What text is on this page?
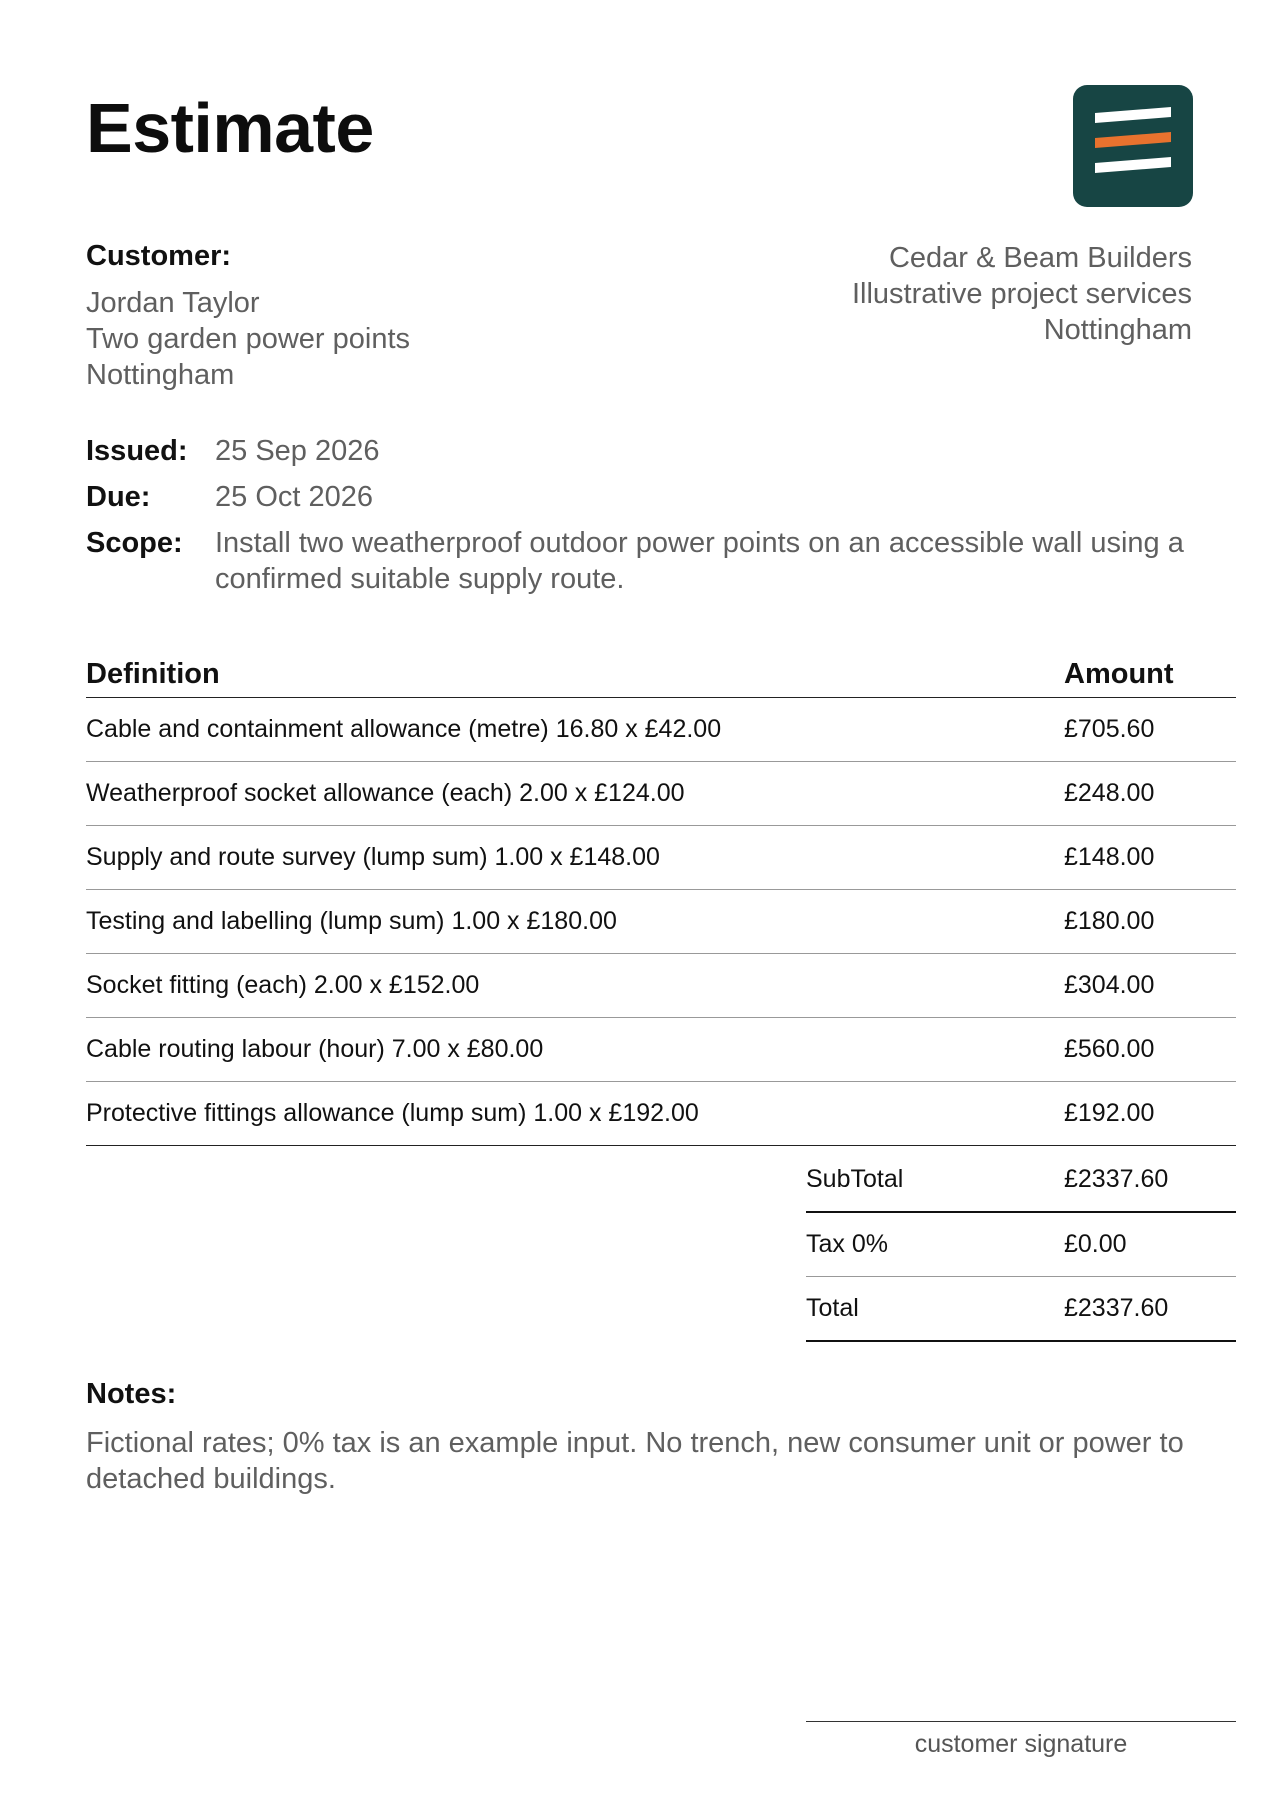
Estimate
Customer:
Jordan Taylor
Two garden power points
Nottingham
Cedar & Beam Builders
Illustrative project services
Nottingham
Issued: 25 Sep 2026
Due:	25 Oct 2026
Scope:	Install two weatherproof outdoor power points on an accessible wall using a confirmed suitable supply route.
Definition	Amount
Cable and containment allowance (metre) 16.80 x £42.00	£705.60
Weatherproof socket allowance (each) 2.00 x £124.00	£248.00
Supply and route survey (lump sum) 1.00 x £148.00	£148.00
Testing and labelling (lump sum) 1.00 x £180.00	£180.00
Socket fitting (each) 2.00 x £152.00	£304.00
Cable routing labour (hour) 7.00 x £80.00	£560.00
Protective fittings allowance (lump sum) 1.00 x £192.00	£192.00
SubTotal	£2337.60
Tax 0%	£0.00
Total	£2337.60
Notes:
Fictional rates; 0% tax is an example input. No trench, new consumer unit or power to detached buildings.
customer signature
